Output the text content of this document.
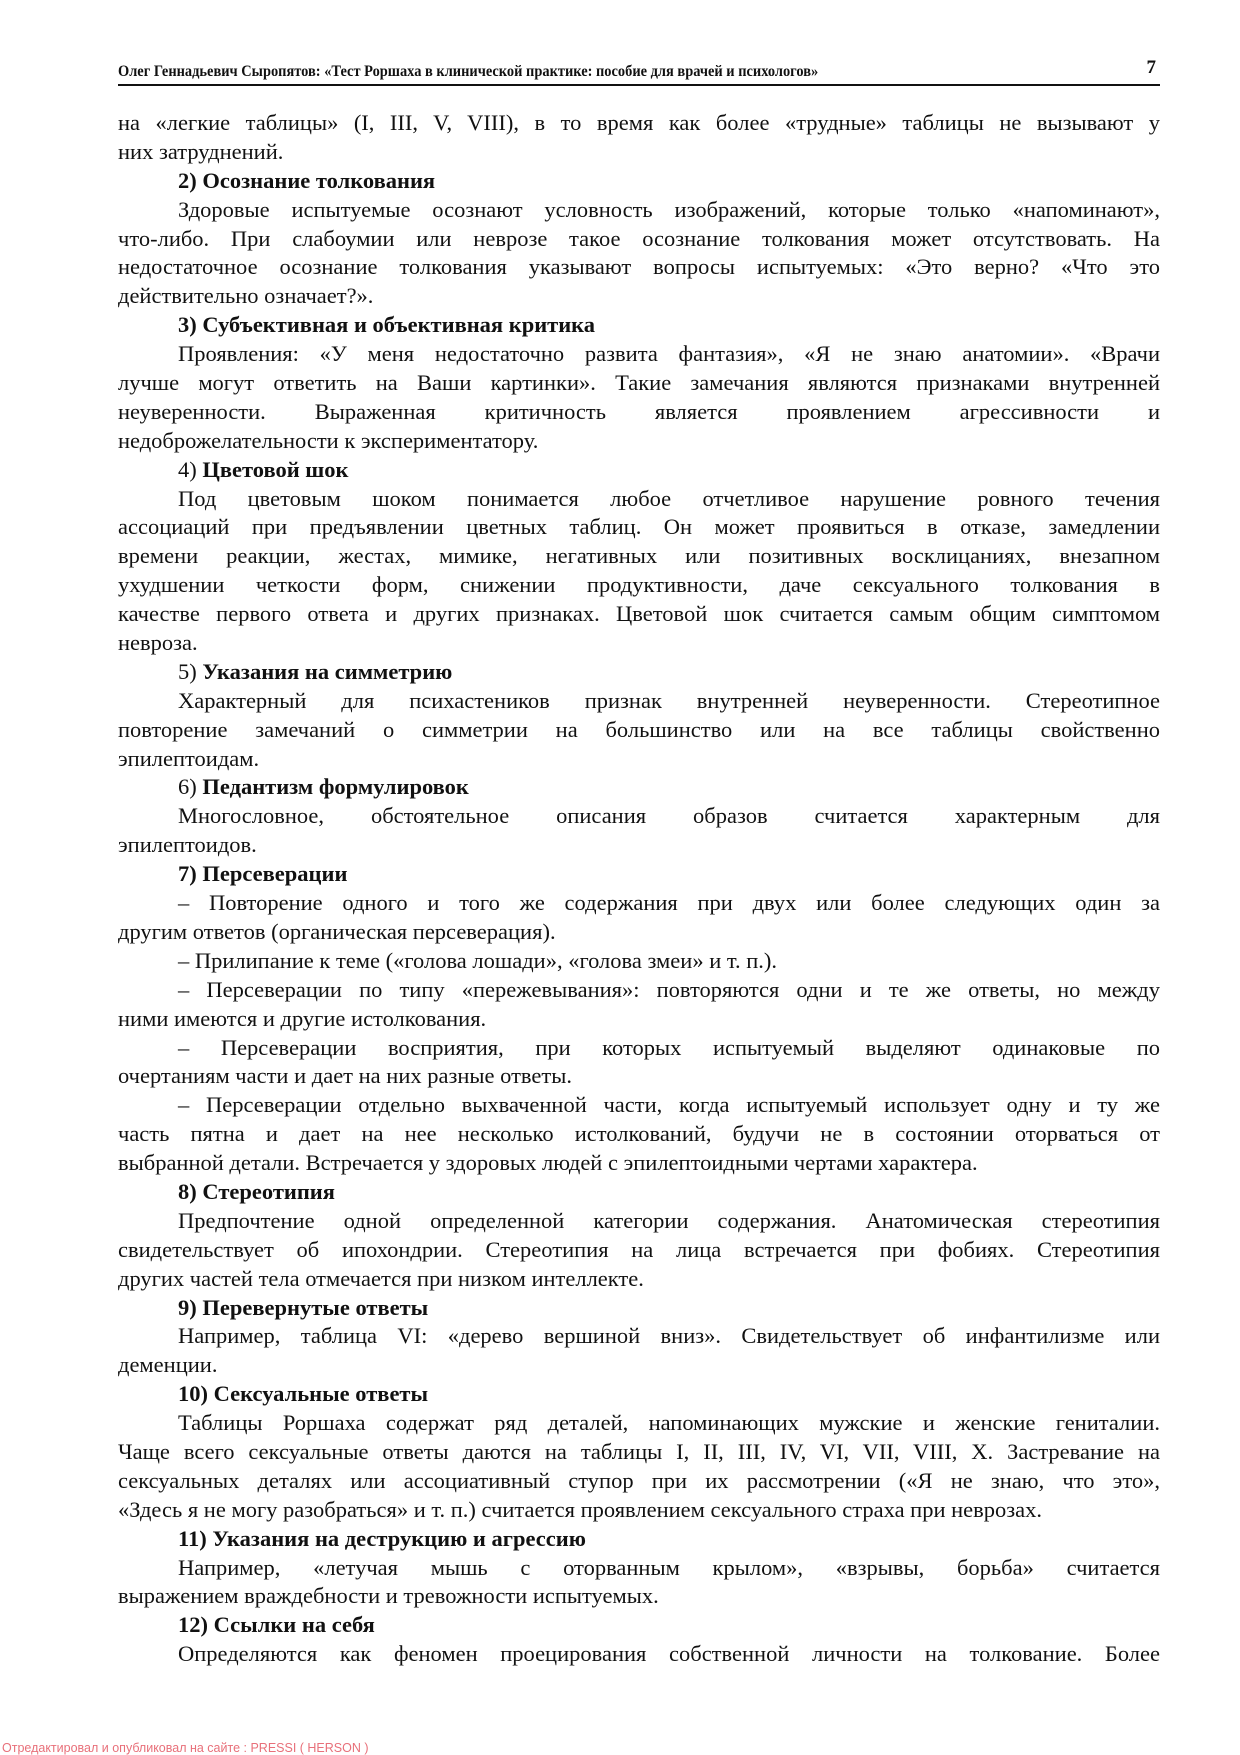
Олег Геннадьевич Сыропятов: «Тест Роршаха в клинической практике: пособие для врачей и психологов»	7
на «легкие таблицы» (I, III, V, VIII), в то время как более «трудные» таблицы не вызывают у
них затруднений.
2) Осознание толкования
Здоровые испытуемые осознают условность изображений, которые только «напоминают»,
что-либо. При слабоумии или неврозе такое осознание толкования может отсутствовать. На
недостаточное осознание толкования указывают вопросы испытуемых: «Это верно? «Что это
действительно означает?».
3) Субъективная и объективная критика
Проявления: «У меня недостаточно развита фантазия», «Я не знаю анатомии». «Врачи
лучше могут ответить на Ваши картинки». Такие замечания являются признаками внутренней
неуверенности. Выраженная критичность является проявлением агрессивности и
недоброжелательности к экспериментатору.
4) Цветовой шок
Под цветовым шоком понимается любое отчетливое нарушение ровного течения
ассоциаций при предъявлении цветных таблиц. Он может проявиться в отказе, замедлении
времени реакции, жестах, мимике, негативных или позитивных восклицаниях, внезапном
ухудшении четкости форм, снижении продуктивности, даче сексуального толкования в
качестве первого ответа и других признаках. Цветовой шок считается самым общим симптомом
невроза.
5) Указания на симметрию
Характерный для психастеников признак внутренней неуверенности. Стереотипное
повторение замечаний о симметрии на большинство или на все таблицы свойственно
эпилептоидам.
6) Педантизм формулировок
Многословное, обстоятельное описания образов считается характерным для
эпилептоидов.
7) Персеверации
– Повторение одного и того же содержания при двух или более следующих один за
другим ответов (органическая персеверация).
– Прилипание к теме («голова лошади», «голова змеи» и т. п.).
– Персеверации по типу «пережевывания»: повторяются одни и те же ответы, но между
ними имеются и другие истолкования.
– Персеверации восприятия, при которых испытуемый выделяют одинаковые по
очертаниям части и дает на них разные ответы.
– Персеверации отдельно выхваченной части, когда испытуемый использует одну и ту же
часть пятна и дает на нее несколько истолкований, будучи не в состоянии оторваться от
выбранной детали. Встречается у здоровых людей с эпилептоидными чертами характера.
8) Стереотипия
Предпочтение одной определенной категории содержания. Анатомическая стереотипия
свидетельствует об ипохондрии. Стереотипия на лица встречается при фобиях. Стереотипия
других частей тела отмечается при низком интеллекте.
9) Перевернутые ответы
Например, таблица VI: «дерево вершиной вниз». Свидетельствует об инфантилизме или
деменции.
10) Сексуальные ответы
Таблицы Роршаха содержат ряд деталей, напоминающих мужские и женские гениталии.
Чаще всего сексуальные ответы даются на таблицы I, II, III, IV, VI, VII, VIII, X. Застревание на
сексуальных деталях или ассоциативный ступор при их рассмотрении («Я не знаю, что это»,
«Здесь я не могу разобраться» и т. п.) считается проявлением сексуального страха при неврозах.
11) Указания на деструкцию и агрессию
Например, «летучая мышь с оторванным крылом», «взрывы, борьба» считается
выражением враждебности и тревожности испытуемых.
12) Ссылки на себя
Определяются как феномен проецирования собственной личности на толкование. Более
Отредактировал и опубликовал на сайте : PRESSI ( HERSON )
